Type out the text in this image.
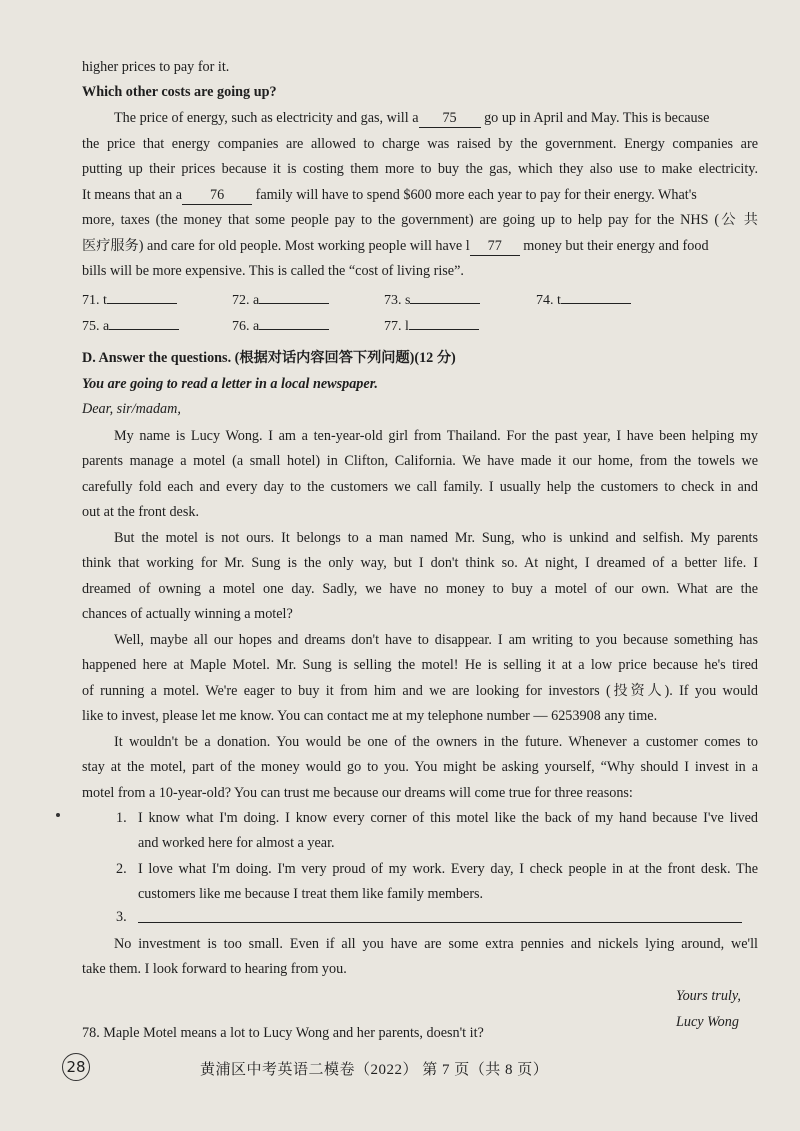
higher prices to pay for it.
Which other costs are going up?
The price of energy, such as electricity and gas, will a 75 go up in April and May. This is because
the price that energy companies are allowed to charge was raised by the government. Energy companies are
putting up their prices because it is costing them more to buy the gas, which they also use to make electricity.
It means that an a 76 family will have to spend $600 more each year to pay for their energy. What's
more, taxes (the money that some people pay to the government) are going up to help pay for the NHS (公 共
医疗服务) and care for old people. Most working people will have l 77 money but their energy and food
bills will be more expensive. This is called the “cost of living rise”.
71. t	72. a	73. s	74. t
75. a	76. a	77. l
D. Answer the questions. (根据对话内容回答下列问题)(12 分)
You are going to read a letter in a local newspaper.
Dear, sir/madam,
My name is Lucy Wong. I am a ten-year-old girl from Thailand. For the past year, I have been helping my
parents manage a motel (a small hotel) in Clifton, California. We have made it our home, from the towels we
carefully fold each and every day to the customers we call family. I usually help the customers to check in and
out at the front desk.
But the motel is not ours. It belongs to a man named Mr. Sung, who is unkind and selfish. My parents
think that working for Mr. Sung is the only way, but I don't think so. At night, I dreamed of a better life. I
dreamed of owning a motel one day. Sadly, we have no money to buy a motel of our own. What are the
chances of actually winning a motel?
Well, maybe all our hopes and dreams don't have to disappear. I am writing to you because something has
happened here at Maple Motel. Mr. Sung is selling the motel! He is selling it at a low price because he's tired
of running a motel. We're eager to buy it from him and we are looking for investors (投资人). If you would
like to invest, please let me know. You can contact me at my telephone number — 6253908 any time.
It wouldn't be a donation. You would be one of the owners in the future. Whenever a customer comes to
stay at the motel, part of the money would go to you. You might be asking yourself, “Why should I invest in a
motel from a 10-year-old? You can trust me because our dreams will come true for three reasons:
1. I know what I'm doing. I know every corner of this motel like the back of my hand because I've lived
and worked here for almost a year.
2. I love what I'm doing. I'm very proud of my work. Every day, I check people in at the front desk. The
customers like me because I treat them like family members.
3.
No investment is too small. Even if all you have are some extra pennies and nickels lying around, we'll
take them. I look forward to hearing from you.
Yours truly,
Lucy Wong
78. Maple Motel means a lot to Lucy Wong and her parents, doesn't it?
28	黄浦区中考英语二模卷（2022） 第 7 页（共 8 页）
